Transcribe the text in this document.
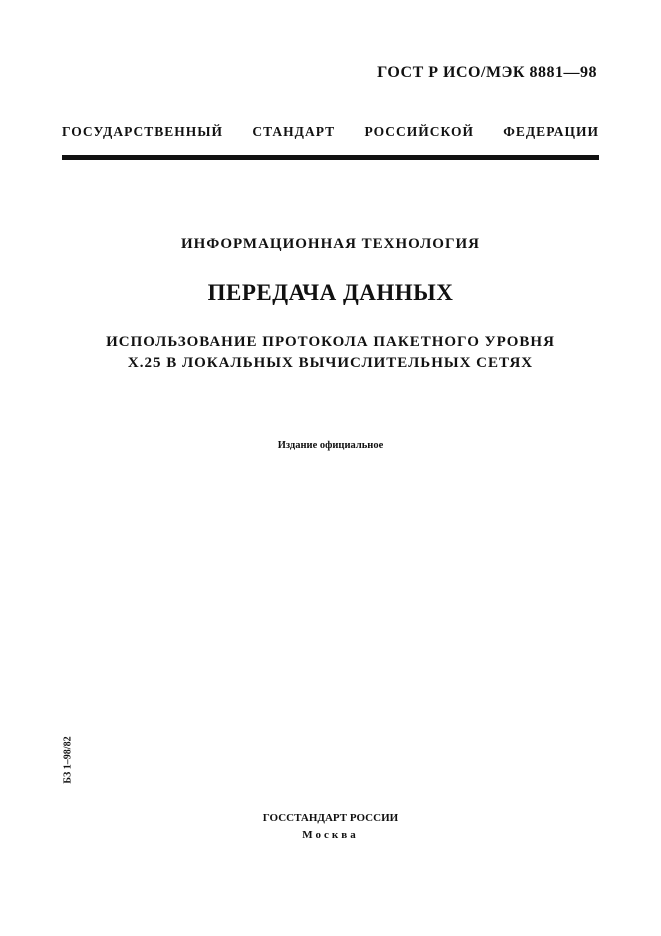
ГОСТ Р ИСО/МЭК 8881—98
ГОСУДАРСТВЕННЫЙ СТАНДАРТ РОССИЙСКОЙ ФЕДЕРАЦИИ
ИНФОРМАЦИОННАЯ ТЕХНОЛОГИЯ
ПЕРЕДАЧА ДАННЫХ
ИСПОЛЬЗОВАНИЕ ПРОТОКОЛА ПАКЕТНОГО УРОВНЯ
X.25 В ЛОКАЛЬНЫХ ВЫЧИСЛИТЕЛЬНЫХ СЕТЯХ
Издание официальное
БЗ 1–98/82
ГОССТАНДАРТ РОССИИ
Москва
